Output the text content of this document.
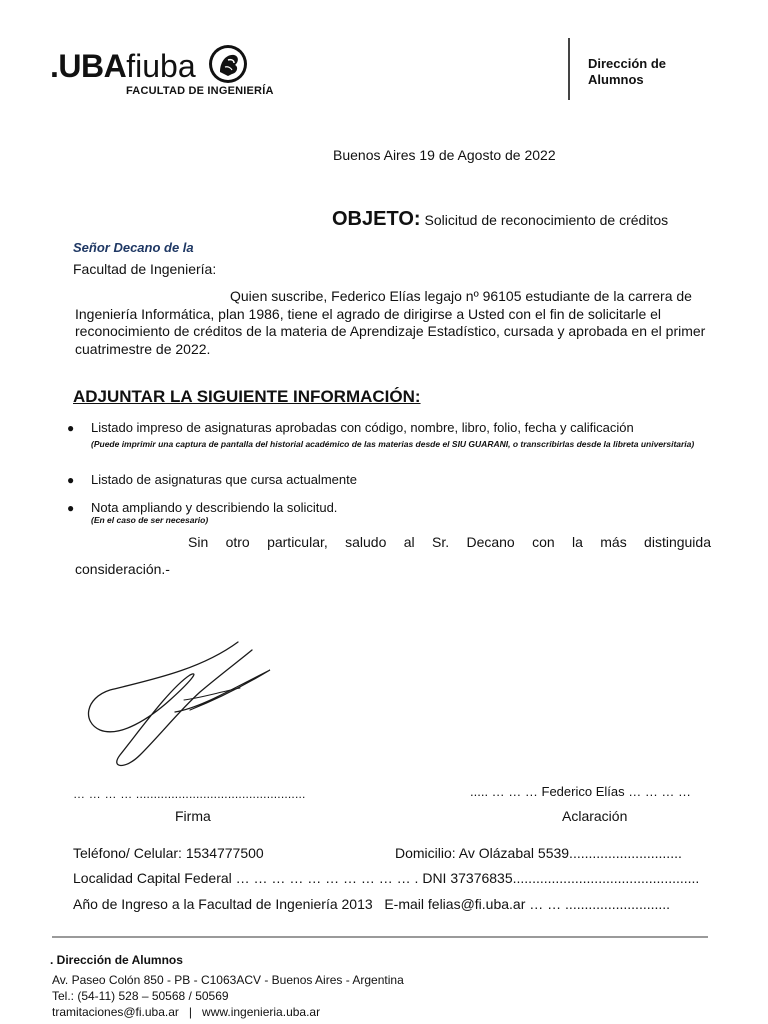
.UBAfiuba
FACULTAD DE INGENIERÍA
Dirección de
Alumnos
Buenos Aires 19 de Agosto de 2022
OBJETO: Solicitud de reconocimiento de créditos
Señor Decano de la
Facultad de Ingeniería:
Quien suscribe, Federico Elías legajo nº 96105 estudiante de la carrera de Ingeniería Informática, plan 1986, tiene el agrado de dirigirse a Usted con el fin de solicitarle el reconocimiento de créditos de la materia de Aprendizaje Estadístico, cursada y aprobada en el primer cuatrimestre de 2022.
ADJUNTAR LA SIGUIENTE INFORMACIÓN:
● Listado impreso de asignaturas aprobadas con código, nombre, libro, folio, fecha y calificación
(Puede imprimir una captura de pantalla del historial académico de las materias desde el SIU GUARANI, o transcribirlas desde la libreta universitaria)
● Listado de asignaturas que cursa actualmente
● Nota ampliando y describiendo la solicitud.
(En el caso de ser necesario)
Sin otro particular, saludo al Sr. Decano con la más distinguida
consideración.-
… … … … ................................................	..... … … … Federico Elías … … … …
Firma	Aclaración
Teléfono/ Celular: 1534777500	Domicilio: Av Olázabal 5539.............................
Localidad Capital Federal … … … … … … … … … … . DNI 37376835................................................
Año de Ingreso a la Facultad de Ingeniería 2013   E-mail felias@fi.uba.ar … … ...........................
. Dirección de Alumnos
Av. Paseo Colón 850 - PB - C1063ACV - Buenos Aires - Argentina
Tel.: (54-11) 528 – 50568 / 50569
tramitaciones@fi.uba.ar   |   www.ingenieria.uba.ar
